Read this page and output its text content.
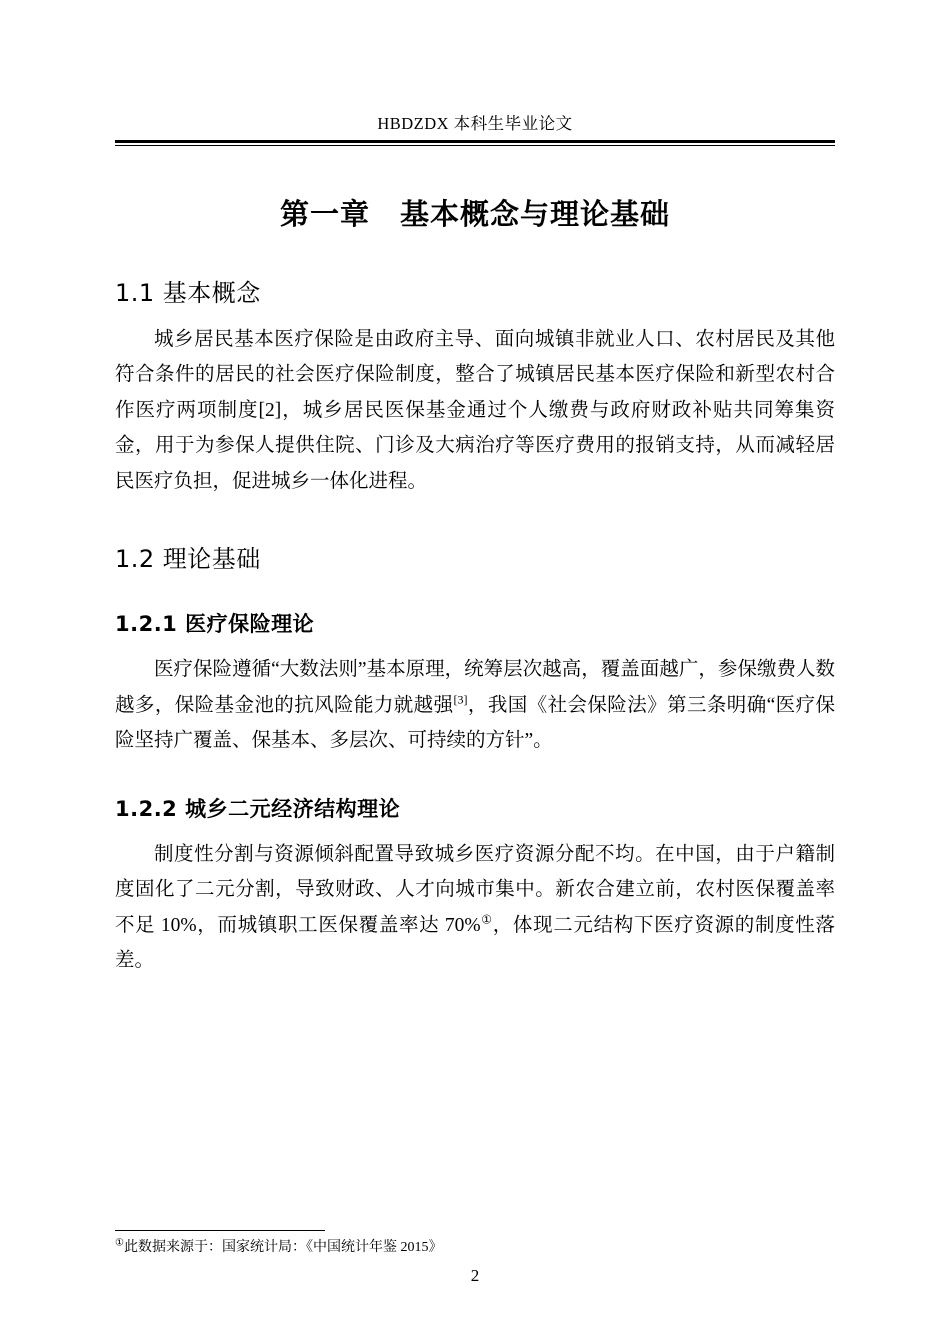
HBDZDX 本科生毕业论文
第一章　基本概念与理论基础
1.1 基本概念

城乡居民基本医疗保险是由政府主导、面向城镇非就业人口、农村居民及其他符合条件的居民的社会医疗保险制度，整合了城镇居民基本医疗保险和新型农村合作医疗两项制度[2]，城乡居民医保基金通过个人缴费与政府财政补贴共同筹集资金，用于为参保人提供住院、门诊及大病治疗等医疗费用的报销支持，从而减轻居民医疗负担，促进城乡一体化进程。

1.2 理论基础
1.2.1 医疗保险理论

医疗保险遵循“大数法则”基本原理，统筹层次越高，覆盖面越广，参保缴费人数越多，保险基金池的抗风险能力就越强[3]，我国《社会保险法》第三条明确“医疗保险坚持广覆盖、保基本、多层次、可持续的方针”。

1.2.2 城乡二元经济结构理论

制度性分割与资源倾斜配置导致城乡医疗资源分配不均。在中国，由于户籍制度固化了二元分割，导致财政、人才向城市集中。新农合建立前，农村医保覆盖率不足 10%，而城镇职工医保覆盖率达 70%①，体现二元结构下医疗资源的制度性落差。

①此数据来源于：国家统计局：《中国统计年鉴 2015》
2
